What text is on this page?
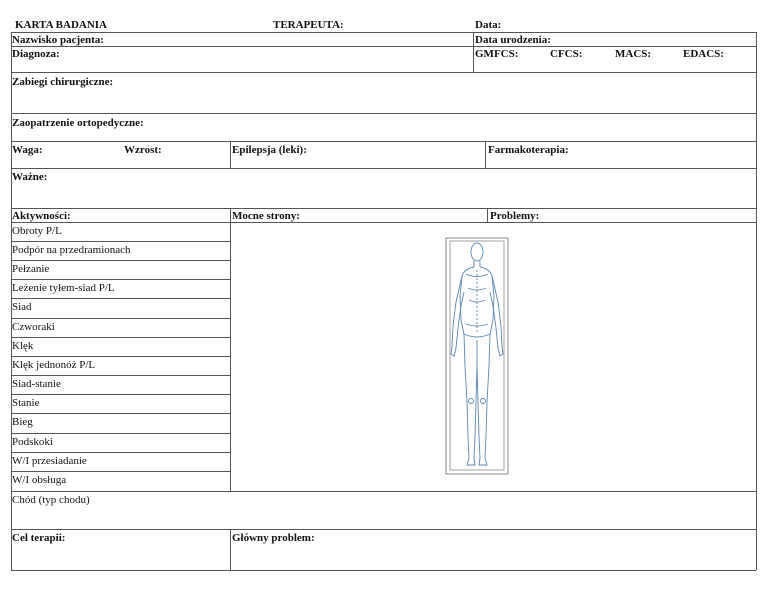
KARTA BADANIA	TERAPEUTA:	Data:
Nazwisko pacjenta:	Data urodzenia:
Diagnoza:	GMFCS:	CFCS:	MACS:	EDACS:
Zabiegi chirurgiczne:
Zaopatrzenie ortopedyczne:
Waga:	Wzrost:	Epilepsja (leki):	Farmakoterapia:
Ważne:
Aktywności:	Mocne strony:	Problemy:
Obroty P/L
Podpór na przedramionach
Pełzanie
Leżenie tyłem-siad P/L
Siad
Czworaki
Klęk
Klęk jednonóż P/L
Siad-stanie
Stanie
Bieg
Podskoki
W/I przesiadanie
W/I obsługa
Chód (typ chodu)
Cel terapii:	Główny problem:
